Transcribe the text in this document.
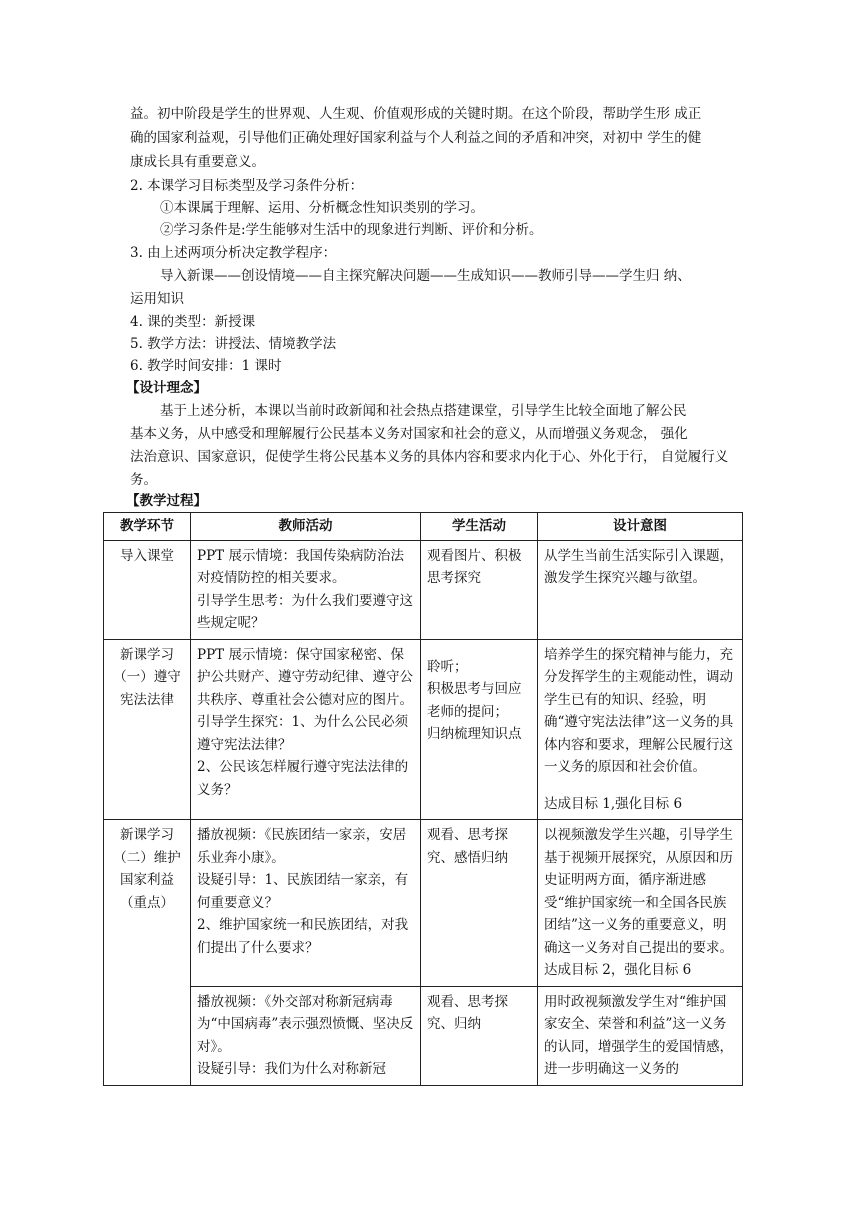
益。初中阶段是学生的世界观、人生观、价值观形成的关键时期。在这个阶段，帮助学生形 成正
确的国家利益观，引导他们正确处理好国家利益与个人利益之间的矛盾和冲突，对初中 学生的健
康成长具有重要意义。
2. 本课学习目标类型及学习条件分析：
①本课属于理解、运用、分析概念性知识类别的学习。
②学习条件是:学生能够对生活中的现象进行判断、评价和分析。
3. 由上述两项分析决定教学程序：
导入新课——创设情境——自主探究解决问题——生成知识——教师引导——学生归 纳、
运用知识
4. 课的类型：新授课
5. 教学方法：讲授法、情境教学法
6. 教学时间安排：1 课时
【设计理念】
基于上述分析，本课以当前时政新闻和社会热点搭建课堂，引导学生比较全面地了解公民
基本义务，从中感受和理解履行公民基本义务对国家和社会的意义，从而增强义务观念， 强化
法治意识、国家意识，促使学生将公民基本义务的具体内容和要求内化于心、外化于行， 自觉履行义
务。
【教学过程】
教学环节	教师活动	学生活动	设计意图
导入课堂	PPT 展示情境：我国传染病防治法对疫情防控的相关要求。
引导学生思考：为什么我们要遵守这些规定呢？	观看图片、积极思考探究	从学生当前生活实际引入课题，激发学生探究兴趣与欲望。

新课学习（一）遵守宪法法律	PPT 展示情境：保守国家秘密、保护公共财产、遵守劳动纪律、遵守公共秩序、尊重社会公德对应的图片。
引导学生探究：1、为什么公民必须遵守宪法法律？
2、公民该怎样履行遵守宪法法律的义务？	聆听；
积极思考与回应老师的提问；
归纳梳理知识点	培养学生的探究精神与能力，充分发挥学生的主观能动性，调动学生已有的知识、经验，明确“遵守宪法法律”这一义务的具体内容和要求，理解公民履行这一义务的原因和社会价值。
达成目标 1,强化目标 6

新课学习（二）维护国家利益（重点）	播放视频：《民族团结一家亲，安居乐业奔小康》。
设疑引导：1、民族团结一家亲，有何重要意义？
2、维护国家统一和民族团结，对我们提出了什么要求？	观看、思考探究、感悟归纳	以视频激发学生兴趣，引导学生基于视频开展探究，从原因和历史证明两方面，循序渐进感受“维护国家统一和全国各民族团结”这一义务的重要意义，明确这一义务对自己提出的要求。
达成目标 2，强化目标 6

	播放视频：《外交部对称新冠病毒为“中国病毒”表示强烈愤慨、坚决反对》。
设疑引导：我们为什么对称新冠	观看、思考探究、归纳	用时政视频激发学生对“维护国家安全、荣誉和利益”这一义务的认同，增强学生的爱国情感，进一步明确这一义务的
